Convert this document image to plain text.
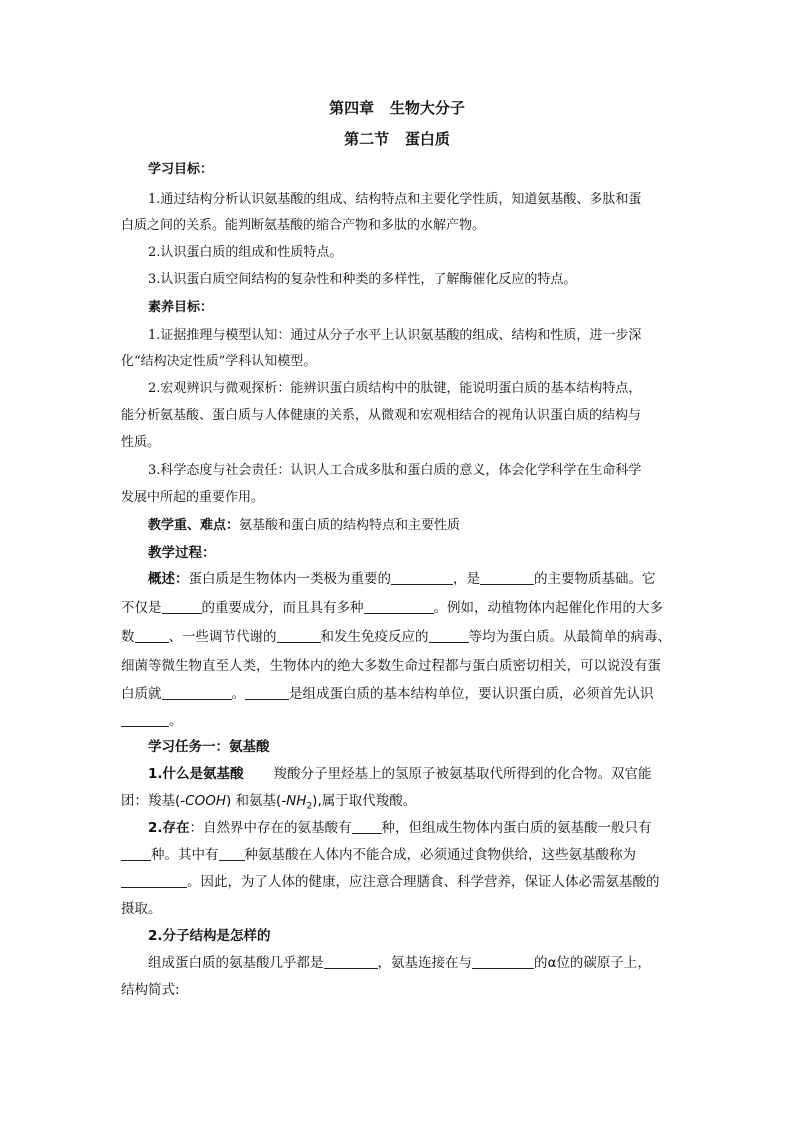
第四章   生物大分子
第二节   蛋白质
学习目标：
1.通过结构分析认识氨基酸的组成、结构特点和主要化学性质，知道氨基酸、多肽和蛋
白质之间的关系。能判断氨基酸的缩合产物和多肽的水解产物。
2.认识蛋白质的组成和性质特点。
3.认识蛋白质空间结构的复杂性和种类的多样性，了解酶催化反应的特点。
素养目标：
1.证据推理与模型认知：通过从分子水平上认识氨基酸的组成、结构和性质，进一步深
化“结构决定性质”学科认知模型。
2.宏观辨识与微观探析：能辨识蛋白质结构中的肽键，能说明蛋白质的基本结构特点，
能分析氨基酸、蛋白质与人体健康的关系，从微观和宏观相结合的视角认识蛋白质的结构与
性质。
3.科学态度与社会责任：认识人工合成多肽和蛋白质的意义，体会化学科学在生命科学
发展中所起的重要作用。
教学重、难点：氨基酸和蛋白质的结构特点和主要性质
教学过程：
概述：蛋白质是生物体内一类极为重要的	，是	的主要物质基础。它
不仅是	的重要成分，而且具有多种	。例如，动植物体内起催化作用的大多
数	、一些调节代谢的	和发生免疫反应的	等均为蛋白质。从最简单的病毒、
细菌等微生物直至人类，生物体内的绝大多数生命过程都与蛋白质密切相关，可以说没有蛋
白质就	。	是组成蛋白质的基本结构单位，要认识蛋白质，必须首先认识
。
学习任务一：氨基酸
1.什么是氨基酸 羧酸分子里烃基上的氢原子被氨基取代所得到的化合物。双官能
团：羧基(-COOH) 和氨基$(-NH_2)$,属于取代羧酸。
2.存在：自然界中存在的氨基酸有 种，但组成生物体内蛋白质的氨基酸一般只有
种。其中有 种氨基酸在人体内不能合成，必须通过食物供给，这些氨基酸称为
。因此，为了人体的健康，应注意合理膳食、科学营养，保证人体必需氨基酸的
摄取。
2.分子结构是怎样的
组成蛋白质的氨基酸几乎都是	，氨基连接在与	的α位的碳原子上，
结构简式:
